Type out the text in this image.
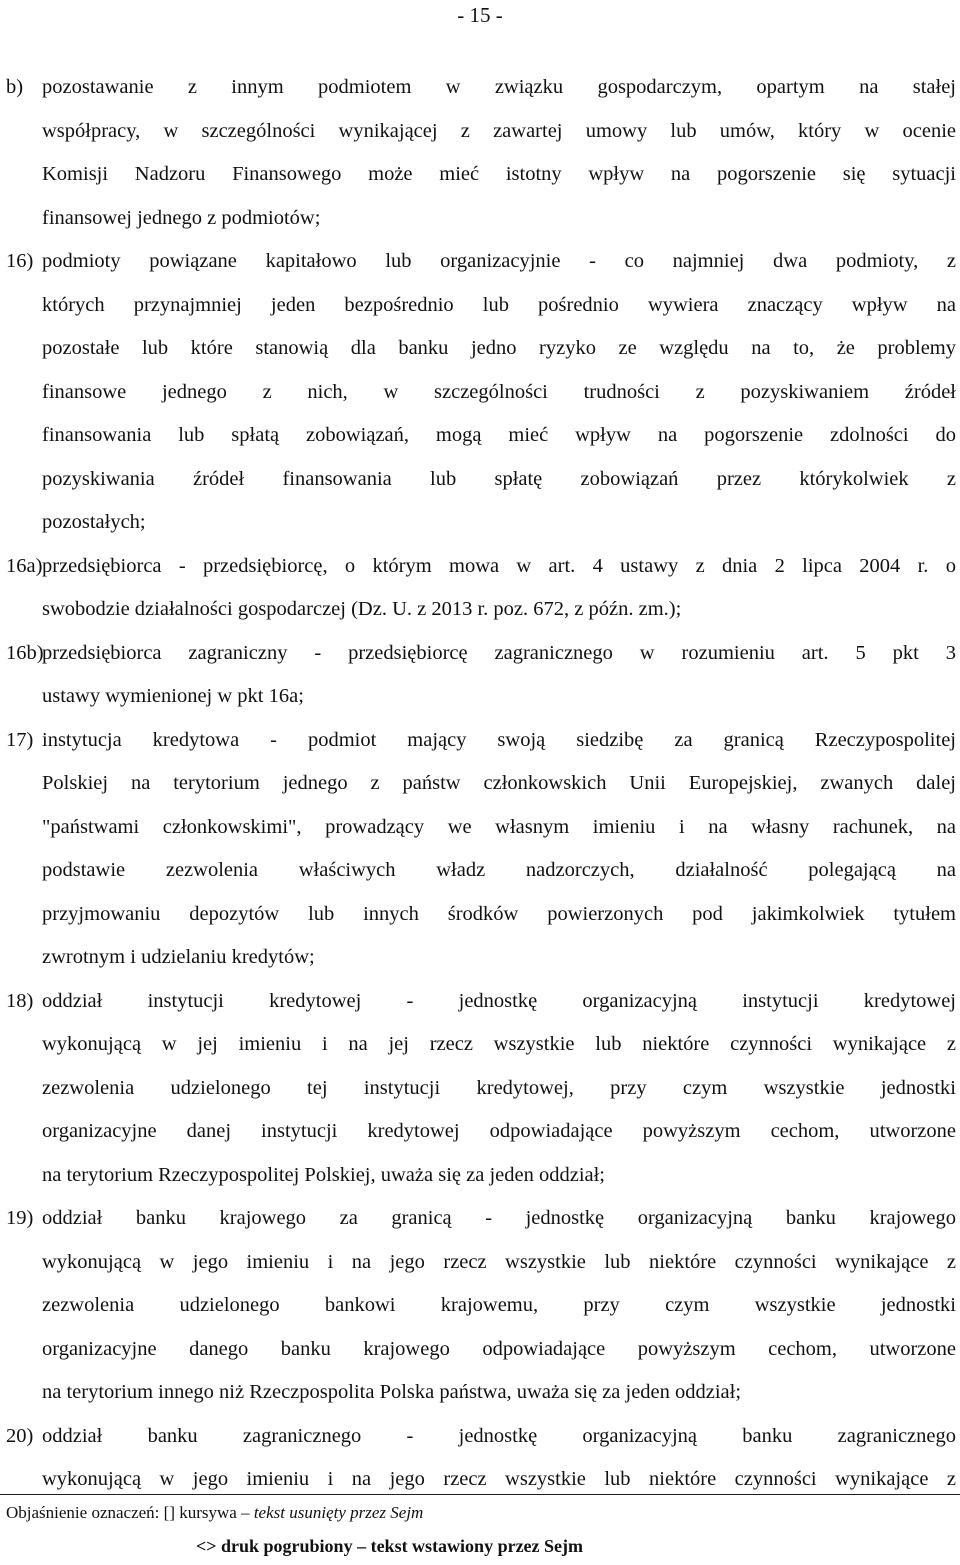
- 15 -

b) pozostawanie z innym podmiotem w związku gospodarczym, opartym na stałej

współpracy, w szczególności wynikającej z zawartej umowy lub umów, który w ocenie

Komisji Nadzoru Finansowego może mieć istotny wpływ na pogorszenie się sytuacji

finansowej jednego z podmiotów;

16) podmioty powiązane kapitałowo lub organizacyjnie - co najmniej dwa podmioty, z

których przynajmniej jeden bezpośrednio lub pośrednio wywiera znaczący wpływ na

pozostałe lub które stanowią dla banku jedno ryzyko ze względu na to, że problemy

finansowe jednego z nich, w szczególności trudności z pozyskiwaniem źródeł

finansowania lub spłatą zobowiązań, mogą mieć wpływ na pogorszenie zdolności do

pozyskiwania źródeł finansowania lub spłatę zobowiązań przez którykolwiek z

pozostałych;

16a) przedsiębiorca - przedsiębiorcę, o którym mowa w art. 4 ustawy z dnia 2 lipca 2004 r. o

swobodzie działalności gospodarczej (Dz. U. z 2013 r. poz. 672, z późn. zm.);

16b)
przedsiębiorca zagraniczny - przedsiębiorcę zagranicznego w rozumieniu art. 5 pkt 3

ustawy wymienionej w pkt 16a;

17) instytucja kredytowa - podmiot mający swoją siedzibę za granicą Rzeczypospolitej

Polskiej na terytorium jednego z państw członkowskich Unii Europejskiej, zwanych dalej

"państwami członkowskimi", prowadzący we własnym imieniu i na własny rachunek, na

podstawie zezwolenia właściwych władz nadzorczych, działalność polegającą na

przyjmowaniu depozytów lub innych środków powierzonych pod jakimkolwiek tytułem

zwrotnym i udzielaniu kredytów;

18) oddział instytucji kredytowej - jednostkę organizacyjną instytucji kredytowej

wykonującą w jej imieniu i na jej rzecz wszystkie lub niektóre czynności wynikające z

zezwolenia udzielonego tej instytucji kredytowej, przy czym wszystkie jednostki

organizacyjne danej instytucji kredytowej odpowiadające powyższym cechom, utworzone

na terytorium Rzeczypospolitej Polskiej, uważa się za jeden oddział;

19) oddział banku krajowego za granicą - jednostkę organizacyjną banku krajowego

wykonującą w jego imieniu i na jego rzecz wszystkie lub niektóre czynności wynikające z

zezwolenia udzielonego bankowi krajowemu, przy czym wszystkie jednostki

organizacyjne danego banku krajowego odpowiadające powyższym cechom, utworzone

na terytorium innego niż Rzeczpospolita Polska państwa, uważa się za jeden oddział;

20) oddział banku zagranicznego - jednostkę organizacyjną banku zagranicznego

wykonującą w jego imieniu i na jego rzecz wszystkie lub niektóre czynności wynikające z

Objaśnienie oznaczeń: [] kursywa – tekst usunięty przez Sejm
<> druk pogrubiony – tekst wstawiony przez Sejm
